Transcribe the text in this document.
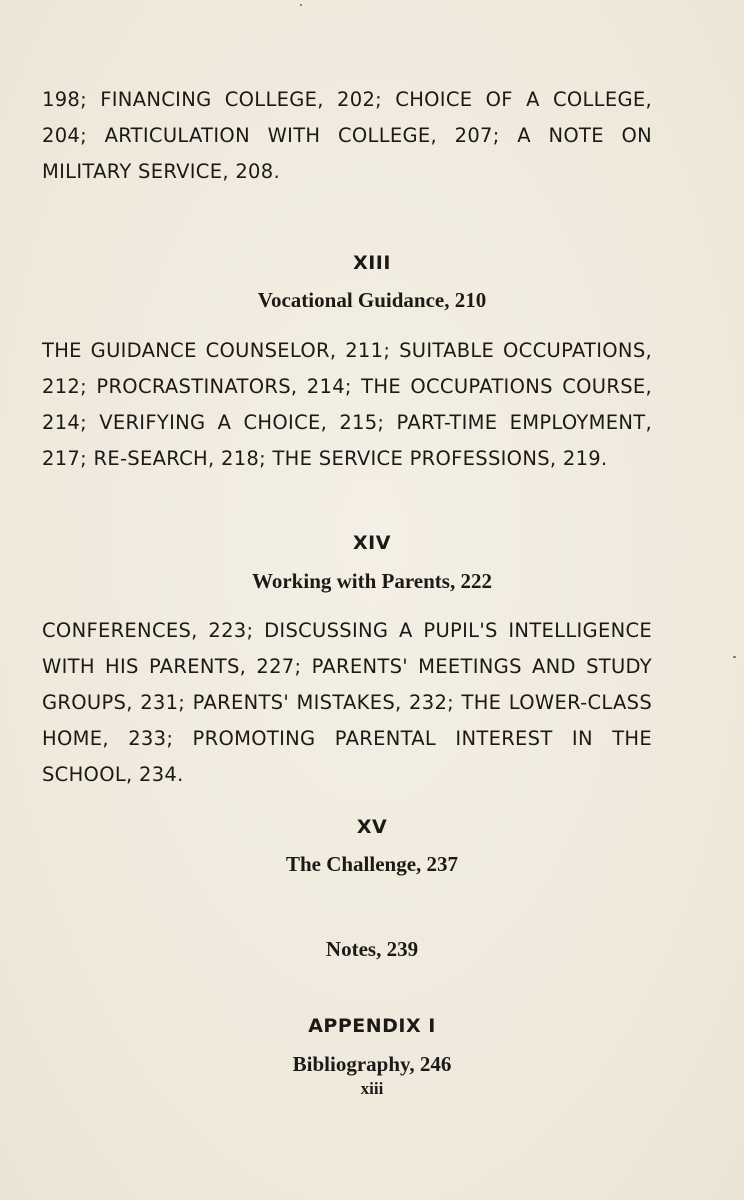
198; FINANCING COLLEGE, 202; CHOICE OF A COLLEGE, 204; ARTICULATION WITH COLLEGE, 207; A NOTE ON MILITARY SERVICE, 208.
XIII
Vocational Guidance, 210
THE GUIDANCE COUNSELOR, 211; SUITABLE OCCUPATIONS, 212; PROCRASTINATORS, 214; THE OCCUPATIONS COURSE, 214; VERIFYING A CHOICE, 215; PART-TIME EMPLOYMENT, 217; RE-SEARCH, 218; THE SERVICE PROFESSIONS, 219.
XIV
Working with Parents, 222
CONFERENCES, 223; DISCUSSING A PUPIL'S INTELLIGENCE WITH HIS PARENTS, 227; PARENTS' MEETINGS AND STUDY GROUPS, 231; PARENTS' MISTAKES, 232; THE LOWER-CLASS HOME, 233; PROMOTING PARENTAL INTEREST IN THE SCHOOL, 234.
XV
The Challenge, 237
Notes, 239
APPENDIX I
Bibliography, 246
xiii
